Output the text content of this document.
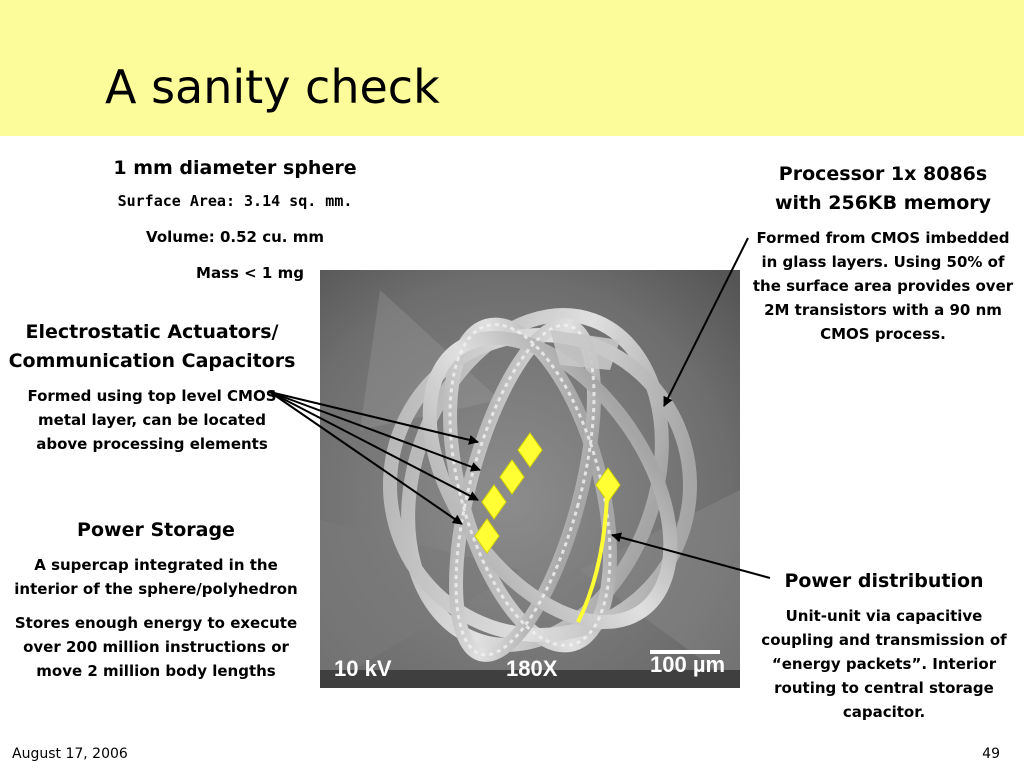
A sanity check
1 mm diameter sphere
Surface Area: 3.14 sq. mm.
Volume: 0.52 cu. mm
Mass < 1 mg
Electrostatic Actuators/
Communication Capacitors
Formed using top level CMOS metal layer, can be located above processing elements
Power Storage
A supercap integrated in the interior of the sphere/polyhedron
Stores enough energy to execute over 200 million instructions or move 2 million body lengths
Processor 1x 8086s
with 256KB memory
Formed from CMOS imbedded in glass layers. Using 50% of the surface area provides over 2M transistors with a 90 nm CMOS process.
Power distribution
Unit-unit via capacitive coupling and transmission of “energy packets”. Interior routing to central storage capacitor.
10 kV	180X	100 µm
August 17, 2006	49
